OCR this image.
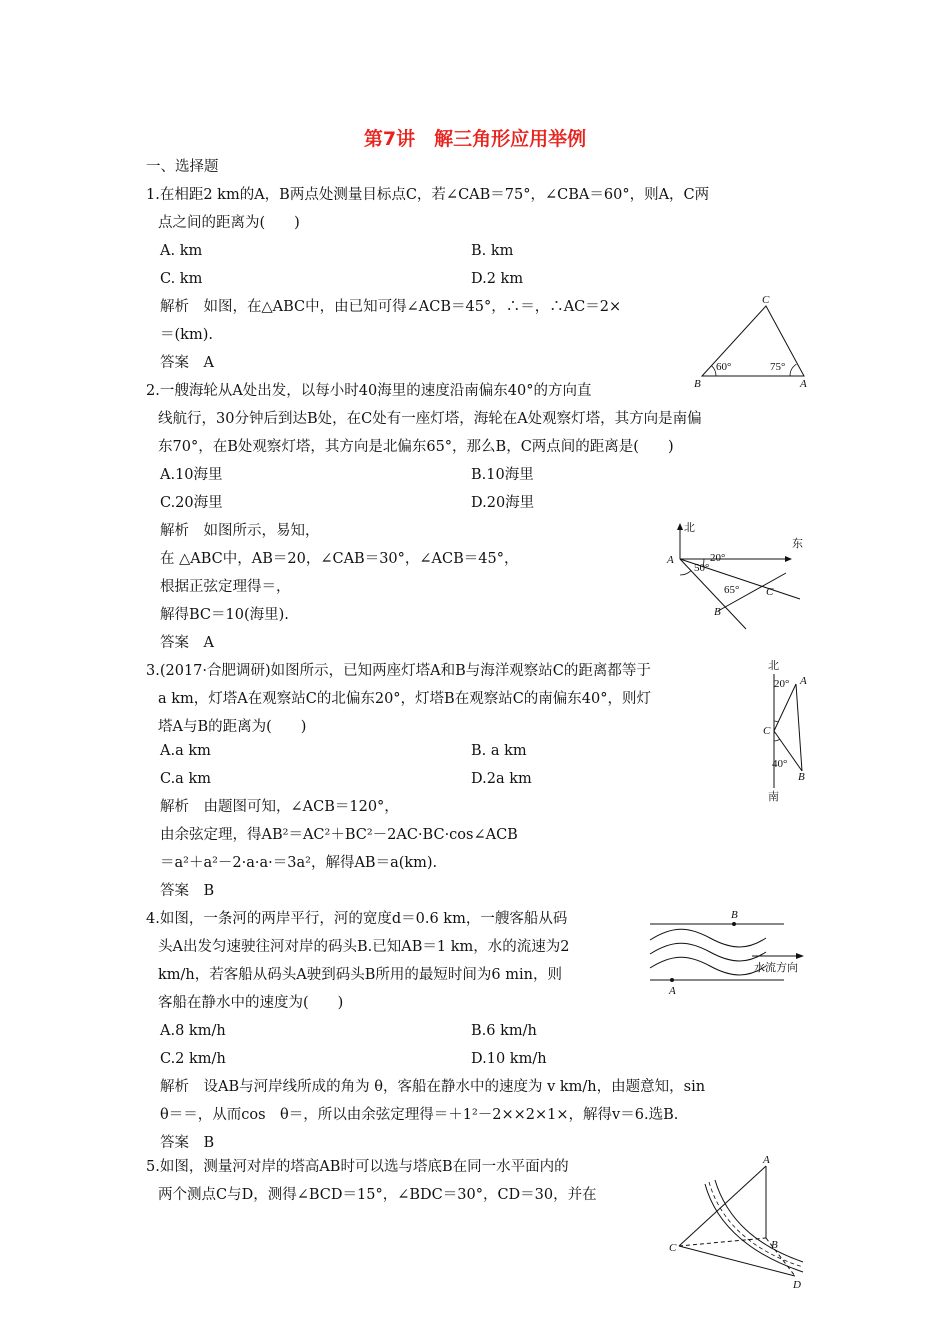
第7讲　解三角形应用举例
一、选择题
1.在相距2 km的A，B两点处测量目标点C，若∠CAB＝75°，∠CBA＝60°，则A，C两
点之间的距离为(　　)
A. km	B. km
C. km	D.2 km
解析　如图，在△ABC中，由已知可得∠ACB＝45°，∴＝，∴AC＝2×
＝(km).
答案　A
C
B	A
60°	75°
2.一艘海轮从A处出发，以每小时40海里的速度沿南偏东40°的方向直
线航行，30分钟后到达B处，在C处有一座灯塔，海轮在A处观察灯塔，其方向是南偏
东70°，在B处观察灯塔，其方向是北偏东65°，那么B，C两点间的距离是(　　)
A.10海里	B.10海里
C.20海里	D.20海里
解析　如图所示，易知，
在 △ABC中，AB＝20，∠CAB＝30°，∠ACB＝45°，
根据正弦定理得＝，
解得BC＝10(海里).
答案　A
北
东
A
B
C
20°
50°
65°
3.(2017·合肥调研)如图所示，已知两座灯塔A和B与海洋观察站C的距离都等于
a km，灯塔A在观察站C的北偏东20°，灯塔B在观察站C的南偏东40°，则灯
塔A与B的距离为(　　)
A.a km	B. a km
C.a km	D.2a km
解析　由题图可知，∠ACB＝120°，
由余弦定理，得AB²＝AC²＋BC²－2AC·BC·cos∠ACB
＝a²＋a²－2·a·a·＝3a²，解得AB＝a(km).
答案　B
北
南
A
B
C
20°
40°
4.如图，一条河的两岸平行，河的宽度d＝0.6 km，一艘客船从码
头A出发匀速驶往河对岸的码头B.已知AB＝1 km，水的流速为2
km/h，若客船从码头A驶到码头B所用的最短时间为6 min，则
客船在静水中的速度为(　　)
A.8 km/h	B.6 km/h
C.2 km/h	D.10 km/h
解析　设AB与河岸线所成的角为 θ，客船在静水中的速度为 v km/h，由题意知，sin
θ＝＝，从而cos　θ＝，所以由余弦定理得＝＋1²－2××2×1×，解得v＝6.选B.
答案　B
B
A
水流方向
5.如图，测量河对岸的塔高AB时可以选与塔底B在同一水平面内的
两个测点C与D，测得∠BCD＝15°，∠BDC＝30°，CD＝30，并在
A
B
C
D
